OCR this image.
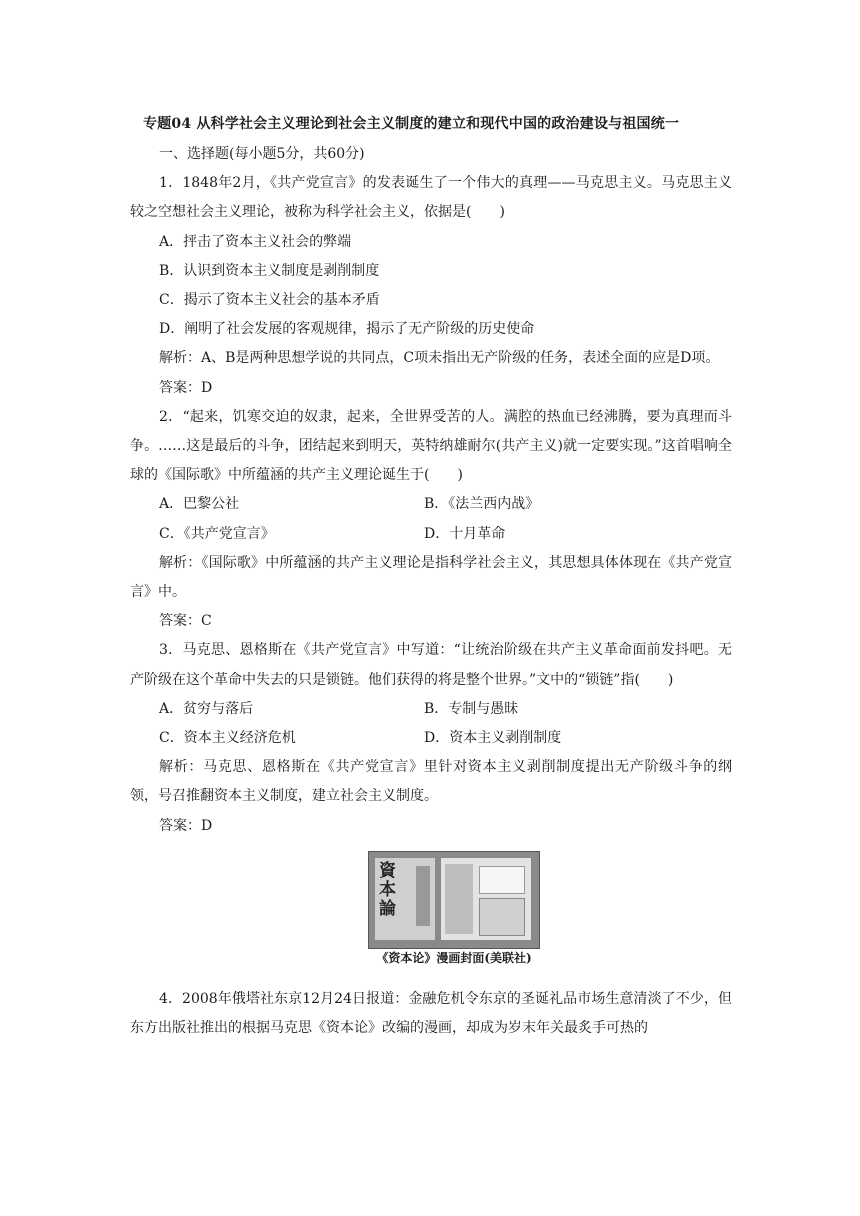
专题04 从科学社会主义理论到社会主义制度的建立和现代中国的政治建设与祖国统一

一、选择题(每小题5分，共60分)

1．1848年2月，《共产党宣言》的发表诞生了一个伟大的真理——马克思主义。马克思主义较之空想社会主义理论，被称为科学社会主义，依据是(　　)

A．抨击了资本主义社会的弊端

B．认识到资本主义制度是剥削制度

C．揭示了资本主义社会的基本矛盾

D．阐明了社会发展的客观规律，揭示了无产阶级的历史使命

解析：A、B是两种思想学说的共同点，C项未指出无产阶级的任务，表述全面的应是D项。

答案：D

2．“起来，饥寒交迫的奴隶，起来，全世界受苦的人。满腔的热血已经沸腾，要为真理而斗争。……这是最后的斗争，团结起来到明天，英特纳雄耐尔(共产主义)就一定要实现。”这首唱响全球的《国际歌》中所蕴涵的共产主义理论诞生于(　　)

A．巴黎公社	B．《法兰西内战》
C．《共产党宣言》	D．十月革命

解析：《国际歌》中所蕴涵的共产主义理论是指科学社会主义，其思想具体体现在《共产党宣言》中。

答案：C

3．马克思、恩格斯在《共产党宣言》中写道：“让统治阶级在共产主义革命面前发抖吧。无产阶级在这个革命中失去的只是锁链。他们获得的将是整个世界。”文中的“锁链”指(　　)

A．贫穷与落后	B．专制与愚昧
C．资本主义经济危机	D．资本主义剥削制度

解析：马克思、恩格斯在《共产党宣言》里针对资本主义剥削制度提出无产阶级斗争的纲领，号召推翻资本主义制度，建立社会主义制度。

答案：D

資本論
《资本论》漫画封面(美联社)

4．2008年俄塔社东京12月24日报道：金融危机令东京的圣诞礼品市场生意清淡了不少，但东方出版社推出的根据马克思《资本论》改编的漫画，却成为岁末年关最炙手可热的
